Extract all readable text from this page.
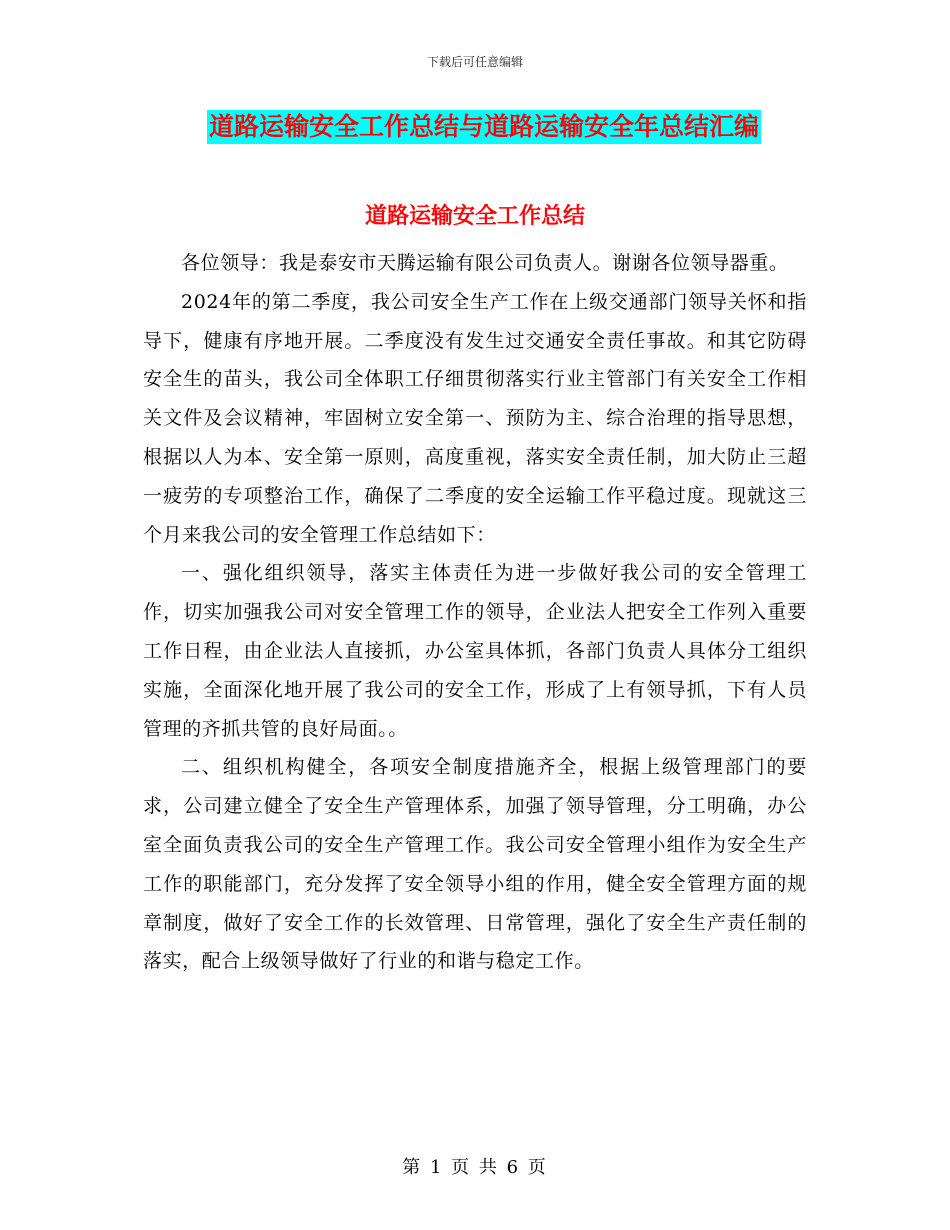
下载后可任意编辑
道路运输安全工作总结与道路运输安全年总结汇编
道路运输安全工作总结

各位领导：我是泰安市天腾运输有限公司负责人。谢谢各位领导器重。

2024年的第二季度，我公司安全生产工作在上级交通部门领导关怀和指导下，健康有序地开展。二季度没有发生过交通安全责任事故。和其它防碍安全生的苗头，我公司全体职工仔细贯彻落实行业主管部门有关安全工作相关文件及会议精神，牢固树立安全第一、预防为主、综合治理的指导思想，根据以人为本、安全第一原则，高度重视，落实安全责任制，加大防止三超一疲劳的专项整治工作，确保了二季度的安全运输工作平稳过度。现就这三个月来我公司的安全管理工作总结如下：

一、强化组织领导，落实主体责任为进一步做好我公司的安全管理工作，切实加强我公司对安全管理工作的领导，企业法人把安全工作列入重要工作日程，由企业法人直接抓，办公室具体抓，各部门负责人具体分工组织实施，全面深化地开展了我公司的安全工作，形成了上有领导抓，下有人员管理的齐抓共管的良好局面。。

二、组织机构健全，各项安全制度措施齐全，根据上级管理部门的要求，公司建立健全了安全生产管理体系，加强了领导管理，分工明确，办公室全面负责我公司的安全生产管理工作。我公司安全管理小组作为安全生产工作的职能部门，充分发挥了安全领导小组的作用，健全安全管理方面的规章制度，做好了安全工作的长效管理、日常管理，强化了安全生产责任制的落实，配合上级领导做好了行业的和谐与稳定工作。

第 1 页 共 6 页
